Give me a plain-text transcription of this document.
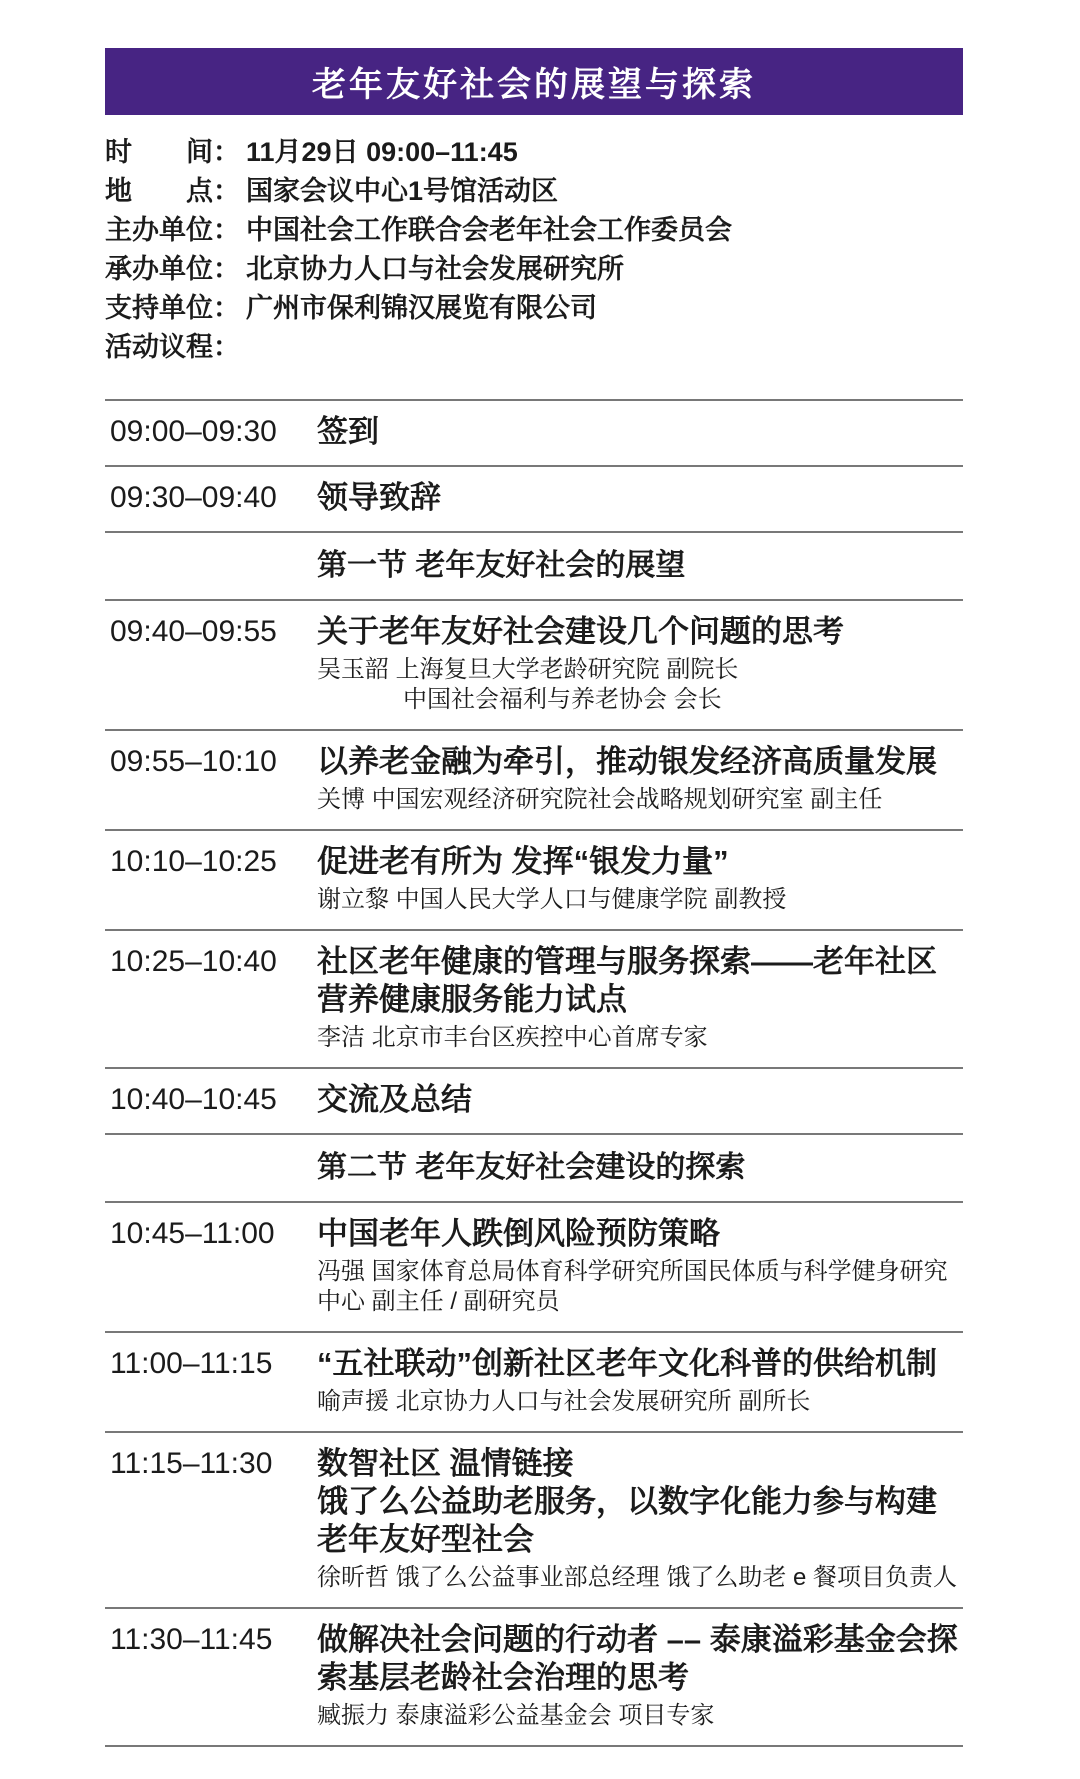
老年友好社会的展望与探索
时　　间： 11月29日 09:00–11:45
地　　点： 国家会议中心1号馆活动区
主办单位： 中国社会工作联合会老年社会工作委员会
承办单位： 北京协力人口与社会发展研究所
支持单位： 广州市保利锦汉展览有限公司
活动议程：
09:00–09:30	签到
09:30–09:40	领导致辞
第一节 老年友好社会的展望
09:40–09:55	关于老年友好社会建设几个问题的思考
吴玉韶 上海复旦大学老龄研究院 副院长
中国社会福利与养老协会 会长
09:55–10:10	以养老金融为牵引，推动银发经济高质量发展
关博 中国宏观经济研究院社会战略规划研究室 副主任
10:10–10:25	促进老有所为 发挥“银发力量”
谢立黎 中国人民大学人口与健康学院 副教授
10:25–10:40	社区老年健康的管理与服务探索——老年社区营养健康服务能力试点
李洁 北京市丰台区疾控中心首席专家
10:40–10:45	交流及总结
第二节 老年友好社会建设的探索
10:45–11:00	中国老年人跌倒风险预防策略
冯强 国家体育总局体育科学研究所国民体质与科学健身研究中心 副主任 / 副研究员
11:00–11:15	“五社联动”创新社区老年文化科普的供给机制
喻声援 北京协力人口与社会发展研究所 副所长
11:15–11:30	数智社区 温情链接
饿了么公益助老服务，以数字化能力参与构建老年友好型社会
徐昕哲 饿了么公益事业部总经理 饿了么助老 e 餐项目负责人
11:30–11:45	做解决社会问题的行动者 –– 泰康溢彩基金会探索基层老龄社会治理的思考
臧振力 泰康溢彩公益基金会 项目专家
